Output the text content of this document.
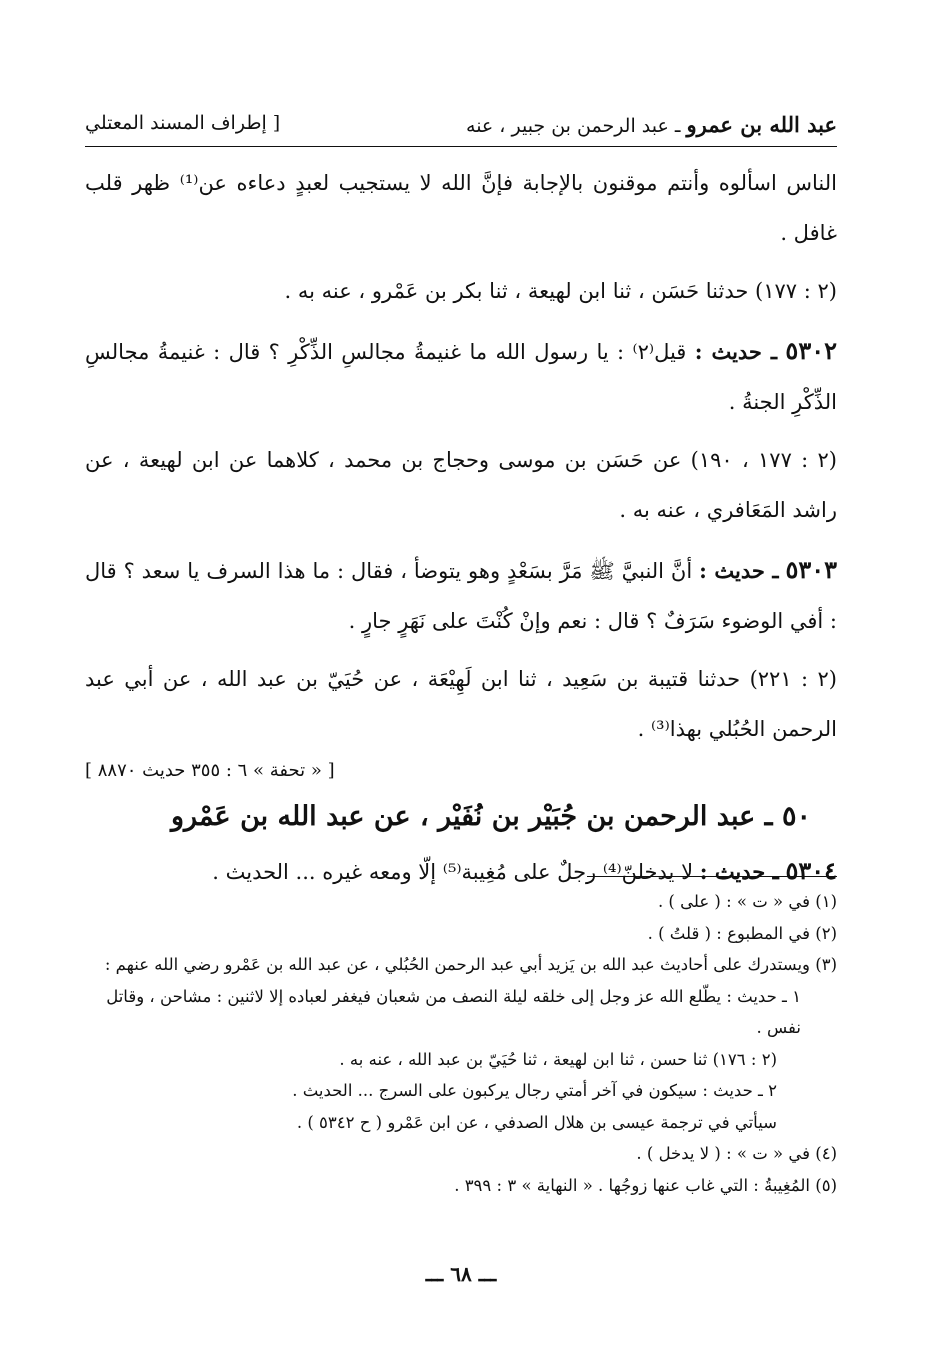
عبد الله بن عمرو ـ عبد الرحمن بن جبير ، عنه
[ إطراف المسند المعتلي

الناس اسألوه وأنتم موقنون بالإجابة فإنَّ الله لا يستجيب لعبدٍ دعاءه عن⁽¹⁾ ظهر قلب غافل .

(٢ : ١٧٧) حدثنا حَسَن ، ثنا ابن لهيعة ، ثنا بكر بن عَمْرو ، عنه به .

٥٣٠٢ ـ حديث : قيل⁽٢⁾ : يا رسول الله ما غنيمةُ مجالسِ الذِّكْرِ ؟ قال : غنيمةُ مجالسِ الذِّكْرِ الجنةُ .

(٢ : ١٧٧ ، ١٩٠) عن حَسَن بن موسى وحجاج بن محمد ، كلاهما عن ابن لهيعة ، عن راشد المَعَافري ، عنه به .

٥٣٠٣ ـ حديث : أنَّ النبيَّ ﷺ مَرَّ بسَعْدٍ وهو يتوضأ ، فقال : ما هذا السرف يا سعد ؟ قال : أفي الوضوء سَرَفٌ ؟ قال : نعم وإنْ كُنْتَ على نَهَرٍ جارٍ .

(٢ : ٢٢١) حدثنا قتيبة بن سَعِيد ، ثنا ابن لَهِيْعَة ، عن حُيَيّ بن عبد الله ، عن أبي عبد الرحمن الحُبُلي بهذا⁽³⁾ .

[ « تحفة » ٦ : ٣٥٥ حديث ٨٨٧٠ ]

٥٠ ـ عبد الرحمن بن جُبَيْر بن نُفَيْر ، عن عبد الله بن عَمْرو

٥٣٠٤ ـ حديث : لا يدخلنّ⁽⁴⁾ رجلٌ على مُغِيبة⁽⁵⁾ إلّا ومعه غيره ... الحديث .

(١) في « ت » : ( على ) .

(٢) في المطبوع : ( قلتُ ) .

(٣) ويستدرك على أحاديث عبد الله بن يَزيد أبي عبد الرحمن الحُبُلي ، عن عبد الله بن عَمْرو رضي الله عنهم :

١ ـ حديث : يطّلع الله عز وجل إلى خلقه ليلة النصف من شعبان فيغفر لعباده إلا لاثنين : مشاحن ، وقاتل نفس .

(٢ : ١٧٦) ثنا حسن ، ثنا ابن لهيعة ، ثنا حُيَيّ بن عبد الله ، عنه به .

٢ ـ حديث : سيكون في آخر أمتي رجال يركبون على السرج ... الحديث .

سيأتي في ترجمة عيسى بن هلال الصدفي ، عن ابن عَمْرو ( ح ٥٣٤٢ ) .

(٤) في « ت » : ( لا يدخل ) .

(٥) المُغِيبةُ : التي غاب عنها زوجُها . « النهاية » ٣ : ٣٩٩ .

ـــ ٦٨ ـــ
